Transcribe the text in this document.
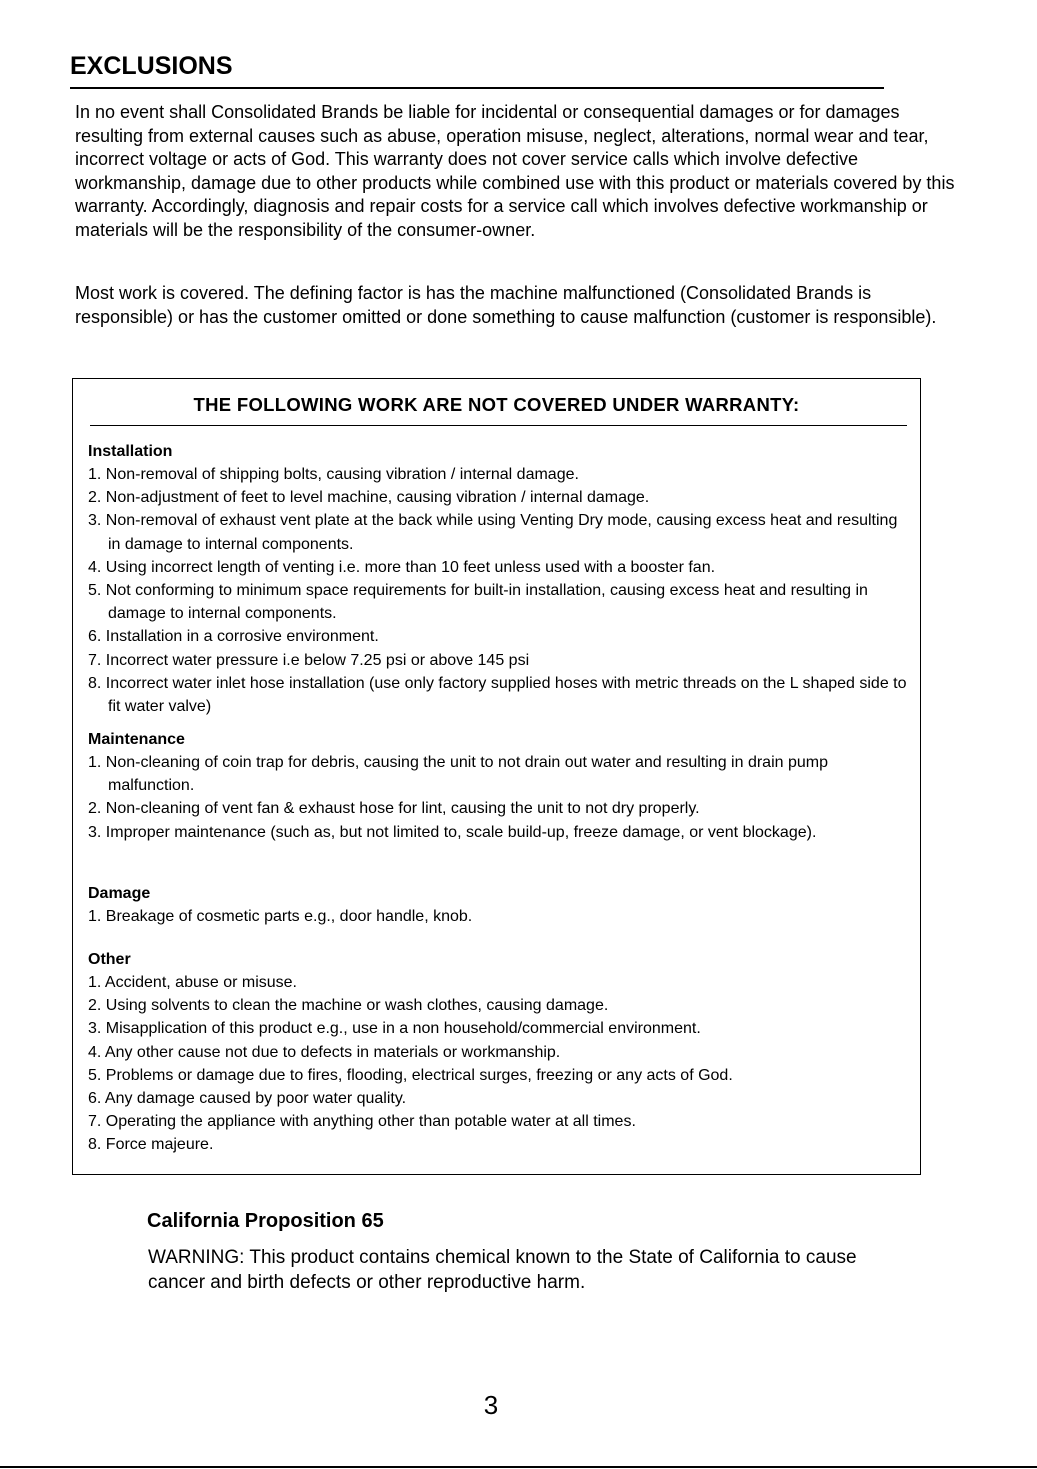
EXCLUSIONS

In no event shall Consolidated Brands be liable for incidental or consequential damages or for damages resulting from external causes such as abuse, operation misuse, neglect, alterations, normal wear and tear, incorrect voltage or acts of God. This warranty does not cover service calls which involve defective workmanship, damage due to other products while combined use with this product or materials covered by this warranty. Accordingly, diagnosis and repair costs for a service call which involves defective workmanship or materials will be the responsibility of the consumer-owner.

Most work is covered. The defining factor is has the machine malfunctioned (Consolidated Brands is responsible) or has the customer omitted or done something to cause malfunction (customer is responsible).

THE FOLLOWING WORK ARE NOT COVERED UNDER WARRANTY:

Installation

1. Non-removal of shipping bolts, causing vibration / internal damage.
2. Non-adjustment of feet to level machine, causing vibration / internal damage.
3. Non-removal of exhaust vent plate at the back while using Venting Dry mode, causing excess heat and resulting in damage to internal components.
4. Using incorrect length of venting i.e. more than 10 feet unless used with a booster fan.
5. Not conforming to minimum space requirements for built-in installation, causing excess heat and resulting in damage to internal components.
6. Installation in a corrosive environment.
7. Incorrect water pressure i.e below 7.25 psi or above 145 psi
8. Incorrect water inlet hose installation (use only factory supplied hoses with metric threads on the L shaped side to fit water valve)

Maintenance

1. Non-cleaning of coin trap for debris, causing the unit to not drain out water and resulting in drain pump malfunction.
2. Non-cleaning of vent fan & exhaust hose for lint, causing the unit to not dry properly.
3. Improper maintenance (such as, but not limited to, scale build-up, freeze damage, or vent blockage).

Damage

1. Breakage of cosmetic parts e.g., door handle, knob.

Other

1. Accident, abuse or misuse.
2. Using solvents to clean the machine or wash clothes, causing damage.
3. Misapplication of this product e.g., use in a non household/commercial environment.
4. Any other cause not due to defects in materials or workmanship.
5. Problems or damage due to fires, flooding, electrical surges, freezing or any acts of God.
6. Any damage caused by poor water quality.
7. Operating the appliance with anything other than potable water at all times.
8. Force majeure.
California Proposition 65

WARNING: This product contains chemical known to the State of California to cause cancer and birth defects or other reproductive harm.

3
